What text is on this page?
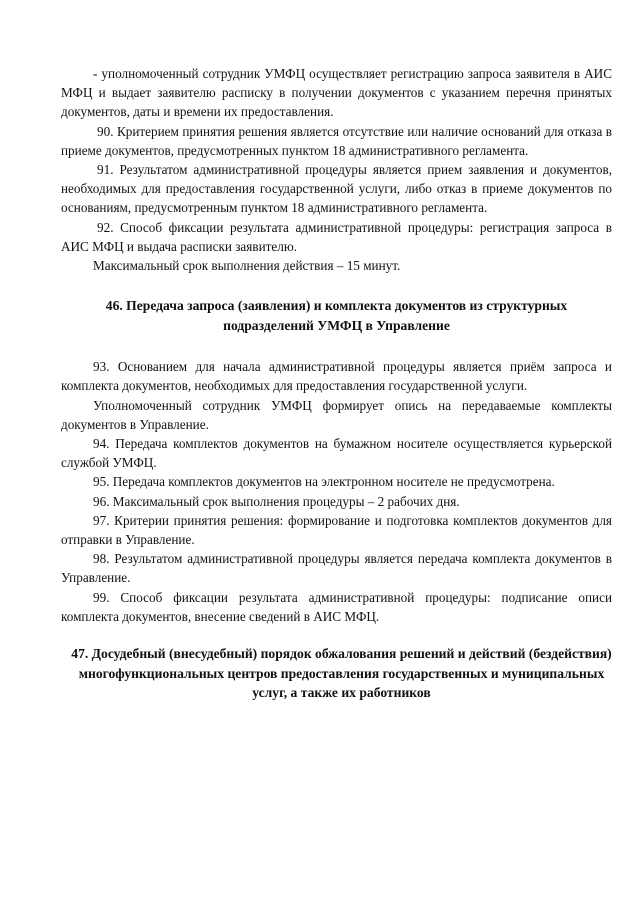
- уполномоченный сотрудник УМФЦ осуществляет регистрацию запроса заявителя в АИС МФЦ и выдает заявителю расписку в получении документов с указанием перечня принятых документов, даты и времени их предоставления.

90. Критерием принятия решения является отсутствие или наличие оснований для отказа в приеме документов, предусмотренных пунктом 18 административного регламента.

91. Результатом административной процедуры является прием заявления и документов, необходимых для предоставления государственной услуги, либо отказ в приеме документов по основаниям, предусмотренным пунктом 18 административного регламента.

92. Способ фиксации результата административной процедуры: регистрация запроса в АИС МФЦ и выдача расписки заявителю.

Максимальный срок выполнения действия – 15 минут.

46. Передача запроса (заявления) и комплекта документов из структурных подразделений УМФЦ в Управление

93. Основанием для начала административной процедуры является приём запроса и комплекта документов, необходимых для предоставления государственной услуги.

Уполномоченный сотрудник УМФЦ формирует опись на передаваемые комплекты документов в Управление.

94. Передача комплектов документов на бумажном носителе осуществляется курьерской службой УМФЦ.

95. Передача комплектов документов на электронном носителе не предусмотрена.

96. Максимальный срок выполнения процедуры – 2 рабочих дня.

97. Критерии принятия решения: формирование и подготовка комплектов документов для отправки в Управление.

98. Результатом административной процедуры является передача комплекта документов в Управление.

99. Способ фиксации результата административной процедуры: подписание описи комплекта документов, внесение сведений в АИС МФЦ.

47. Досудебный (внесудебный) порядок обжалования решений и действий (бездействия) многофункциональных центров предоставления государственных и муниципальных услуг, а также их работников
